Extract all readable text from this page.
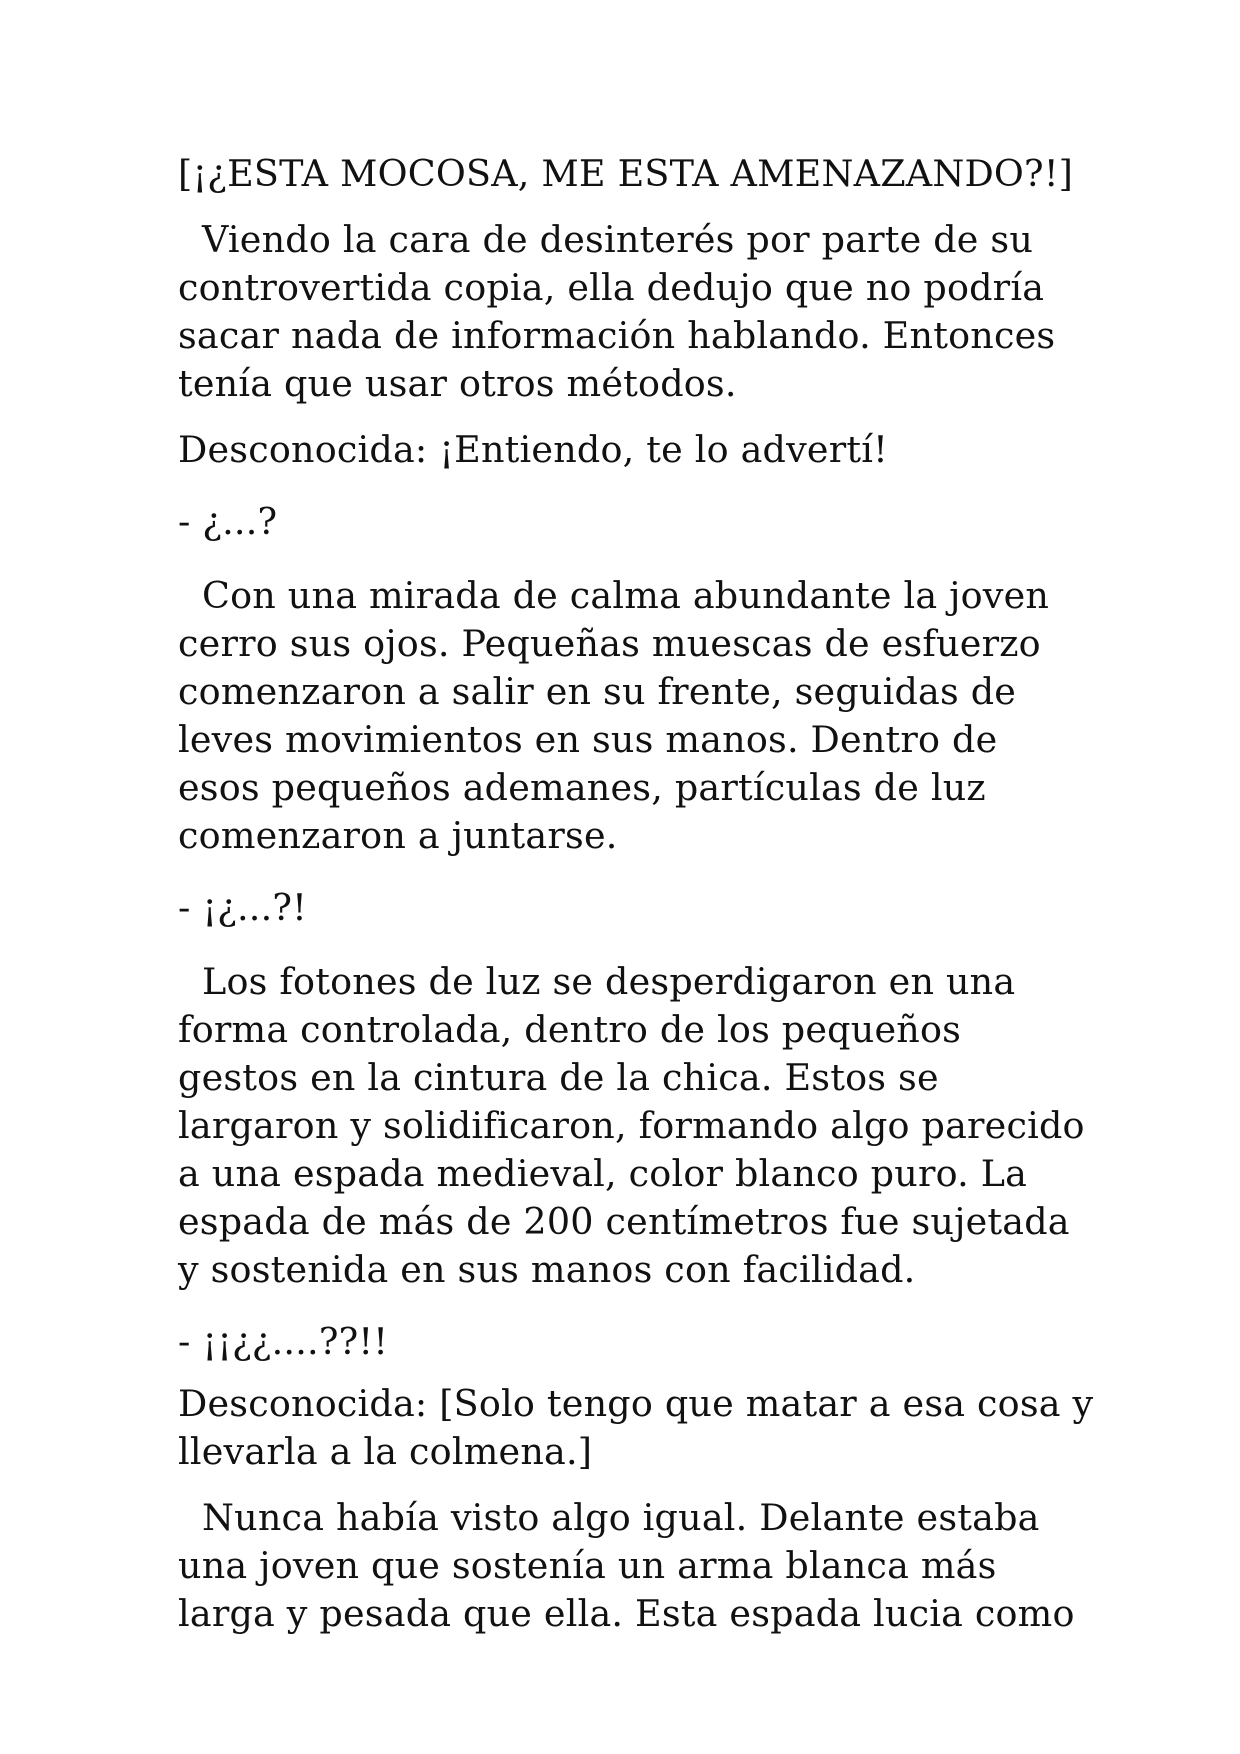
[¡¿ESTA MOCOSA, ME ESTA AMENAZANDO?!]

Viendo la cara de desinterés por parte de su
controvertida copia, ella dedujo que no podría
sacar nada de información hablando. Entonces
tenía que usar otros métodos.

Desconocida: ¡Entiendo, te lo advertí!

- ¿...?

Con una mirada de calma abundante la joven
cerro sus ojos. Pequeñas muescas de esfuerzo
comenzaron a salir en su frente, seguidas de
leves movimientos en sus manos. Dentro de
esos pequeños ademanes, partículas de luz
comenzaron a juntarse.

- ¡¿...?!

Los fotones de luz se desperdigaron en una
forma controlada, dentro de los pequeños
gestos en la cintura de la chica. Estos se
largaron y solidificaron, formando algo parecido
a una espada medieval, color blanco puro. La
espada de más de 200 centímetros fue sujetada
y sostenida en sus manos con facilidad.

- ¡¡¿¿....??!!

Desconocida: [Solo tengo que matar a esa cosa y
llevarla a la colmena.]

Nunca había visto algo igual. Delante estaba
una joven que sostenía un arma blanca más
larga y pesada que ella. Esta espada lucia como
